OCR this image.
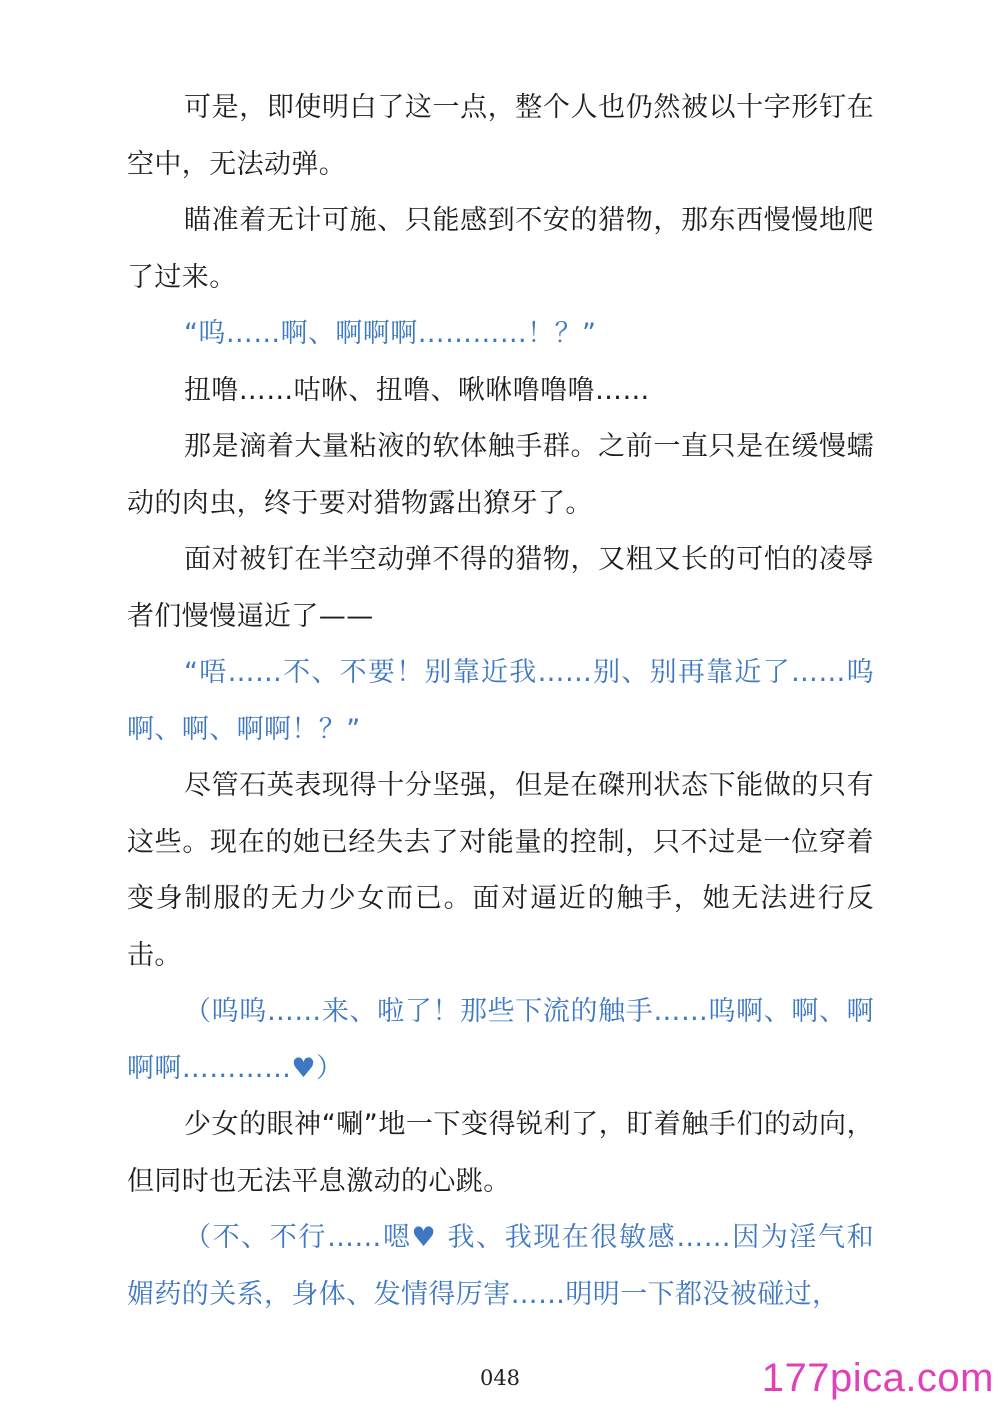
可是，即使明白了这一点，整个人也仍然被以十字形钉在空中，无法动弹。

瞄准着无计可施、只能感到不安的猎物，那东西慢慢地爬了过来。

“呜……啊、啊啊啊…………！？”

扭噜……咕咻、扭噜、啾咻噜噜噜……

那是滴着大量粘液的软体触手群。之前一直只是在缓慢蠕动的肉虫，终于要对猎物露出獠牙了。

面对被钉在半空动弹不得的猎物，又粗又长的可怕的凌辱者们慢慢逼近了——

“唔……不、不要！别靠近我……别、别再靠近了……呜啊、啊、啊啊！？”

尽管石英表现得十分坚强，但是在磔刑状态下能做的只有这些。现在的她已经失去了对能量的控制，只不过是一位穿着变身制服的无力少女而已。面对逼近的触手，她无法进行反击。

（呜呜……来、啦了！那些下流的触手……呜啊、啊、啊啊啊…………♥）

少女的眼神“唰”地一下变得锐利了，盯着触手们的动向，但同时也无法平息激动的心跳。

（不、不行……嗯♥ 我、我现在很敏感……因为淫气和媚药的关系，身体、发情得厉害……明明一下都没被碰过，

048	177pica.com
